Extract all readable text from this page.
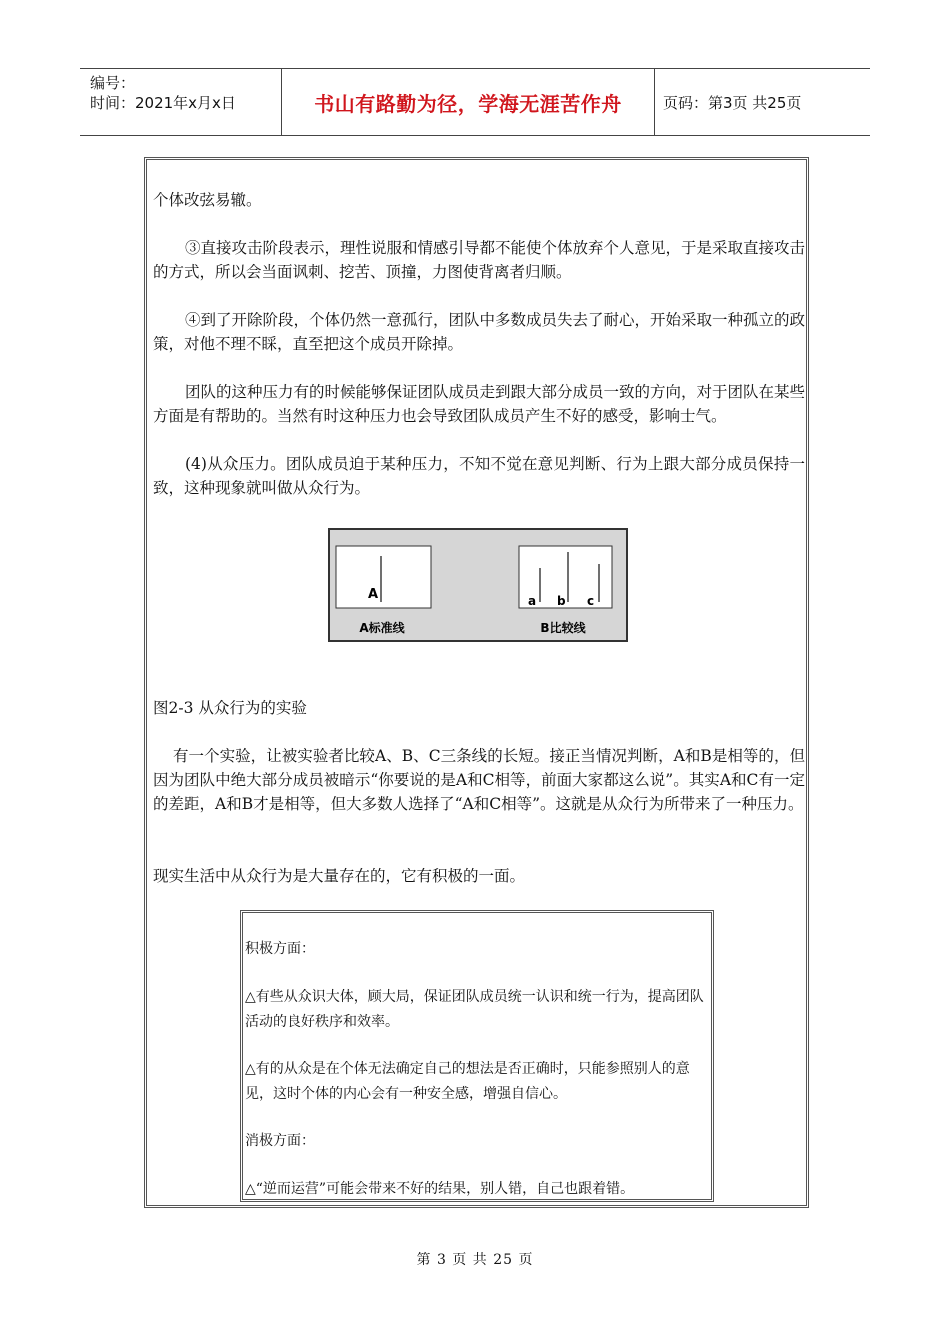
编号：
时间：2021年x月x日	书山有路勤为径，学海无涯苦作舟	页码：第3页 共25页

个体改弦易辙。

③直接攻击阶段表示，理性说服和情感引导都不能使个体放弃个人意见，于是采取直接攻击的方式，所以会当面讽刺、挖苦、顶撞，力图使背离者归顺。

④到了开除阶段，个体仍然一意孤行，团队中多数成员失去了耐心，开始采取一种孤立的政策，对他不理不睬，直至把这个成员开除掉。

团队的这种压力有的时候能够保证团队成员走到跟大部分成员一致的方向，对于团队在某些方面是有帮助的。当然有时这种压力也会导致团队成员产生不好的感受，影响士气。

(4)从众压力。团队成员迫于某种压力，不知不觉在意见判断、行为上跟大部分成员保持一致，这种现象就叫做从众行为。

图2-3 从众行为的实验

有一个实验，让被实验者比较A、B、C三条线的长短。接正当情况判断，A和B是相等的，但因为团队中绝大部分成员被暗示“你要说的是A和C相等，前面大家都这么说”。其实A和C有一定的差距，A和B才是相等，但大多数人选择了“A和C相等”。这就是从众行为所带来了一种压力。

现实生活中从众行为是大量存在的，它有积极的一面。

A
A标准线
a b c
B比较线

积极方面：

△有些从众识大体，顾大局，保证团队成员统一认识和统一行为，提高团队活动的良好秩序和效率。

△有的从众是在个体无法确定自己的想法是否正确时，只能参照别人的意见，这时个体的内心会有一种安全感，增强自信心。

消极方面：

△“逆而运营”可能会带来不好的结果，别人错，自己也跟着错。

第 3 页 共 25 页
